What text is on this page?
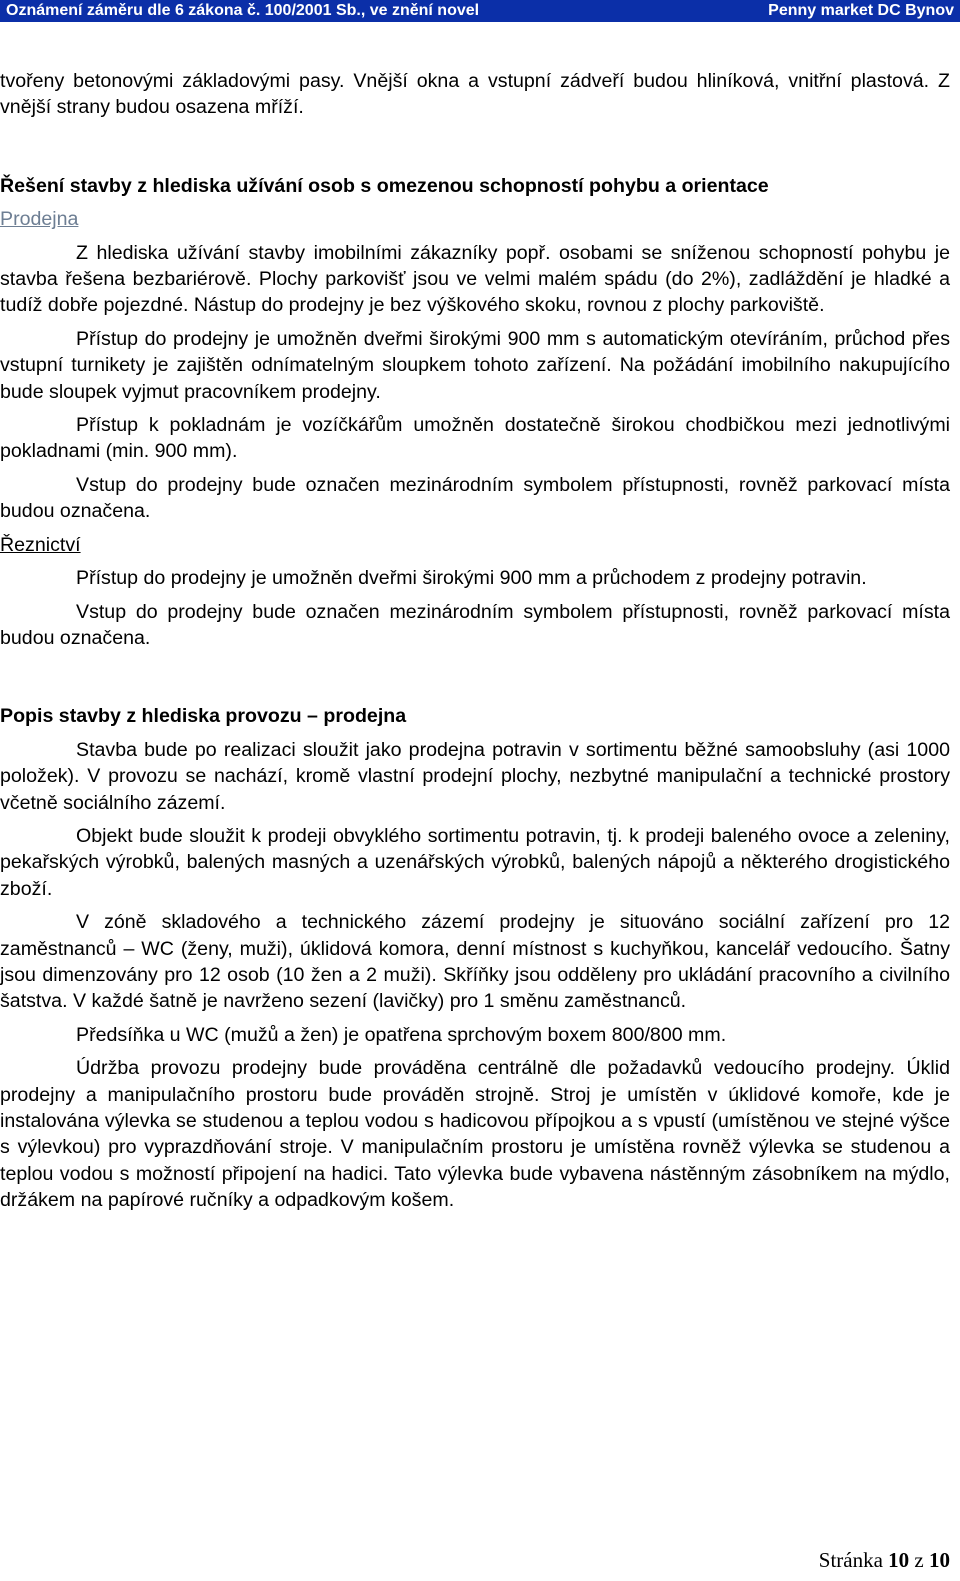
Oznámení záměru dle 6 zákona č. 100/2001 Sb., ve znění novel	Penny market DC Bynov

tvořeny betonovými základovými pasy. Vnější okna a vstupní zádveří budou hliníková, vnitřní plastová. Z vnější strany budou osazena mříží.

Řešení stavby z hlediska užívání osob s omezenou schopností pohybu a orientace

Prodejna

Z hlediska užívání stavby imobilními zákazníky popř. osobami se sníženou schopností pohybu je stavba řešena bezbariérově. Plochy parkovišť jsou ve velmi malém spádu (do 2%), zadláždění je hladké a tudíž dobře pojezdné. Nástup do prodejny je bez výškového skoku, rovnou z plochy parkoviště.

Přístup do prodejny je umožněn dveřmi širokými 900 mm s automatickým otevíráním, průchod přes vstupní turnikety je zajištěn odnímatelným sloupkem tohoto zařízení. Na požádání imobilního nakupujícího bude sloupek vyjmut pracovníkem prodejny.

Přístup k pokladnám je vozíčkářům umožněn dostatečně širokou chodbičkou mezi jednotlivými pokladnami (min. 900 mm).

Vstup do prodejny bude označen mezinárodním symbolem přístupnosti, rovněž parkovací místa budou označena.

Řeznictví

Přístup do prodejny je umožněn dveřmi širokými 900 mm a průchodem z prodejny potravin.

Vstup do prodejny bude označen mezinárodním symbolem přístupnosti, rovněž parkovací místa budou označena.

Popis stavby z hlediska provozu – prodejna

Stavba bude po realizaci sloužit jako prodejna potravin v sortimentu běžné samoobsluhy (asi 1000 položek). V provozu se nachází, kromě vlastní prodejní plochy, nezbytné manipulační a technické prostory včetně sociálního zázemí.

Objekt bude sloužit k prodeji obvyklého sortimentu potravin, tj. k prodeji baleného ovoce a zeleniny, pekařských výrobků, balených masných a uzenářských výrobků, balených nápojů a některého drogistického zboží.

V zóně skladového a technického zázemí prodejny je situováno sociální zařízení pro 12 zaměstnanců – WC (ženy, muži), úklidová komora, denní místnost s kuchyňkou, kancelář vedoucího. Šatny jsou dimenzovány pro 12 osob (10 žen a 2 muži). Skříňky jsou odděleny pro ukládání pracovního a civilního šatstva. V každé šatně je navrženo sezení (lavičky) pro 1 směnu zaměstnanců.

Předsíňka u WC (mužů a žen) je opatřena sprchovým boxem 800/800 mm.

Údržba provozu prodejny bude prováděna centrálně dle požadavků vedoucího prodejny. Úklid prodejny a manipulačního prostoru bude prováděn strojně. Stroj je umístěn v úklidové komoře, kde je instalována výlevka se studenou a teplou vodou s hadicovou přípojkou a s vpustí (umístěnou ve stejné výšce s výlevkou) pro vyprazdňování stroje. V manipulačním prostoru je umístěna rovněž výlevka se studenou a teplou vodou s možností připojení na hadici. Tato výlevka bude vybavena nástěnným zásobníkem na mýdlo, držákem na papírové ručníky a odpadkovým košem.

Stránka 10 z 10
